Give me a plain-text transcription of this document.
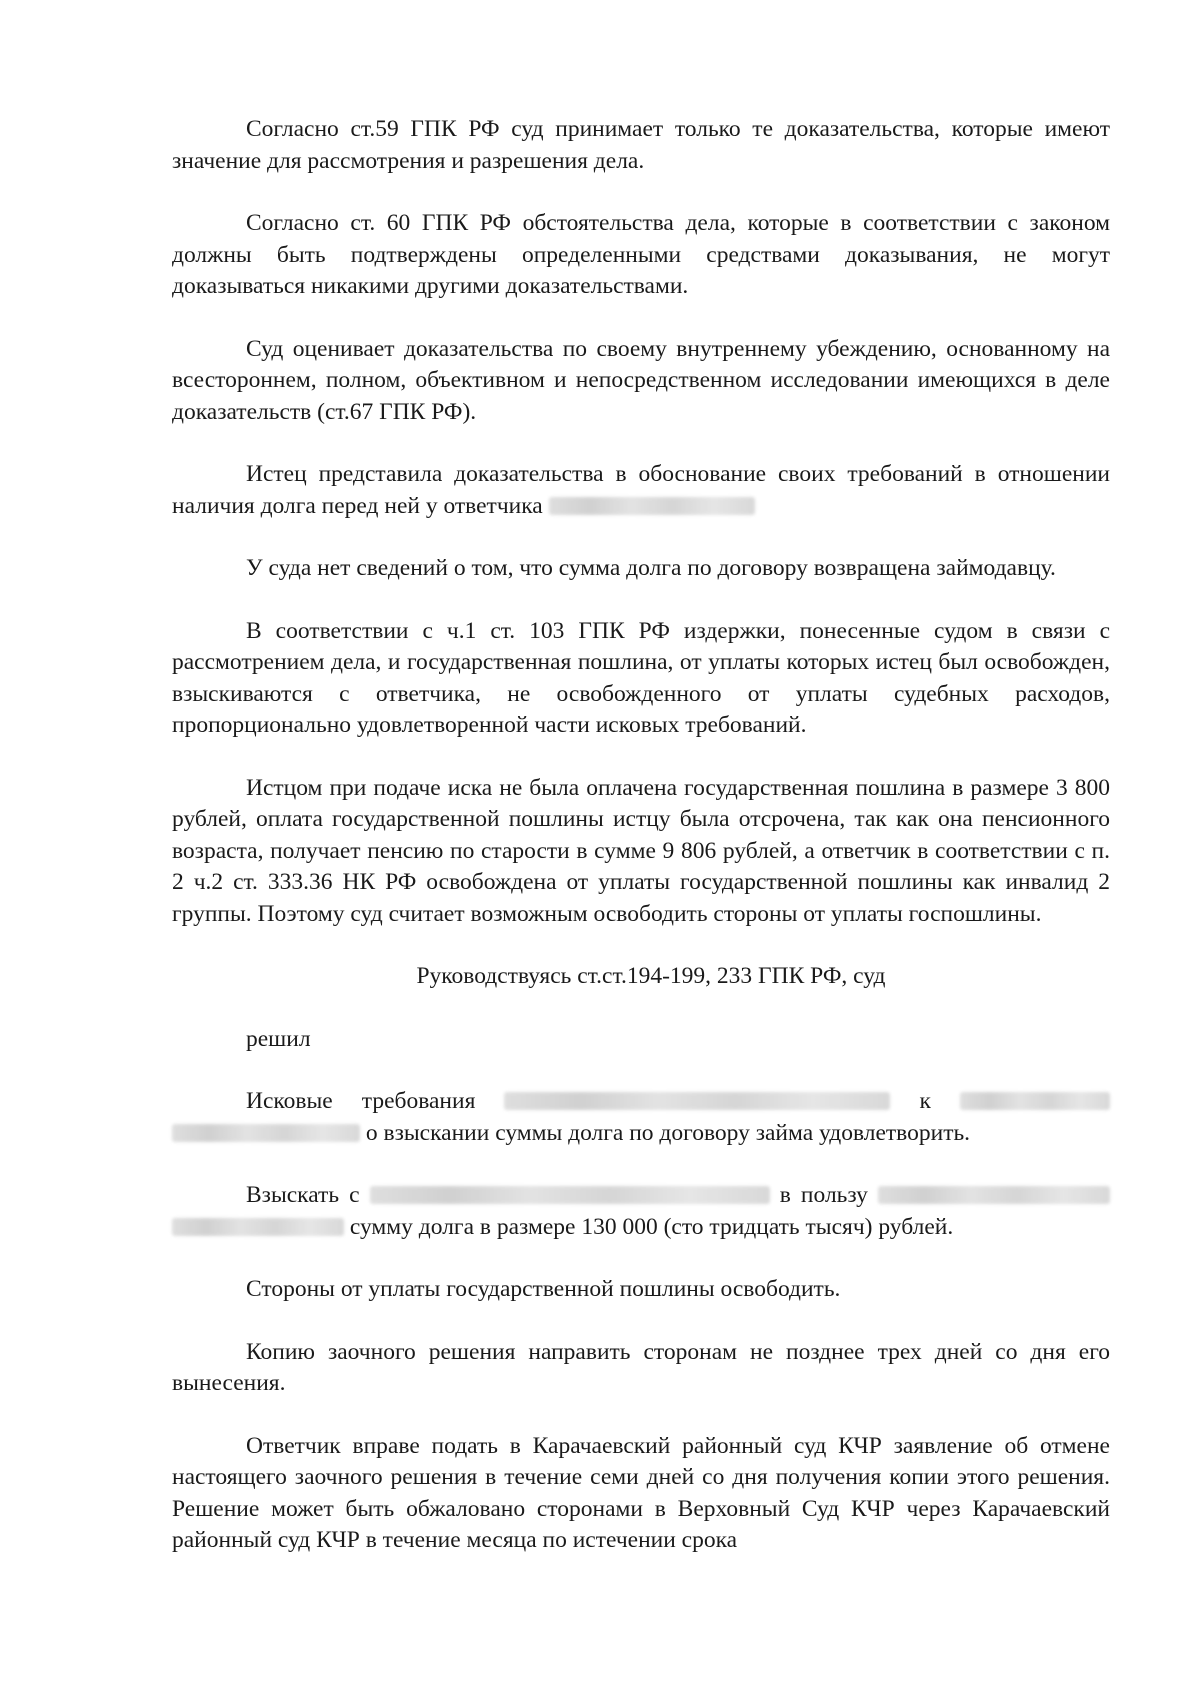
Согласно ст.59 ГПК РФ суд принимает только те доказательства, которые имеют значение для рассмотрения и разрешения дела.

Согласно ст. 60 ГПК РФ обстоятельства дела, которые в соответствии с законом должны быть подтверждены определенными средствами доказывания, не могут доказываться никакими другими доказательствами.

Суд оценивает доказательства по своему внутреннему убеждению, основанному на всестороннем, полном, объективном и непосредственном исследовании имеющихся в деле доказательств (ст.67 ГПК РФ).

Истец представила доказательства в обоснование своих требований в отношении наличия долга перед ней у ответчика

У суда нет сведений о том, что сумма долга по договору возвращена займодавцу.

В соответствии с ч.1 ст. 103 ГПК РФ издержки, понесенные судом в связи с рассмотрением дела, и государственная пошлина, от уплаты которых истец был освобожден, взыскиваются с ответчика, не освобожденного от уплаты судебных расходов, пропорционально удовлетворенной части исковых требований.

Истцом при подаче иска не была оплачена государственная пошлина в размере 3 800 рублей, оплата государственной пошлины истцу была отсрочена, так как она пенсионного возраста, получает пенсию по старости в сумме 9 806 рублей, а ответчик в соответствии с п. 2 ч.2 ст. 333.36 НК РФ освобождена от уплаты государственной пошлины как инвалид 2 группы. Поэтому суд считает возможным освободить стороны от уплаты госпошлины.

Руководствуясь ст.ст.194-199, 233 ГПК РФ, суд

решил

Исковые требования	к   о взыскании суммы долга по договору займа удовлетворить.

Взыскать с	в пользу   сумму долга в размере 130 000 (сто тридцать тысяч) рублей.

Стороны от уплаты государственной пошлины освободить.

Копию заочного решения направить сторонам не позднее трех дней со дня его вынесения.

Ответчик вправе подать в Карачаевский районный суд КЧР заявление об отмене настоящего заочного решения в течение семи дней со дня получения копии этого решения. Решение может быть обжаловано сторонами в Верховный Суд КЧР через Карачаевский районный суд КЧР в течение месяца по истечении срока
